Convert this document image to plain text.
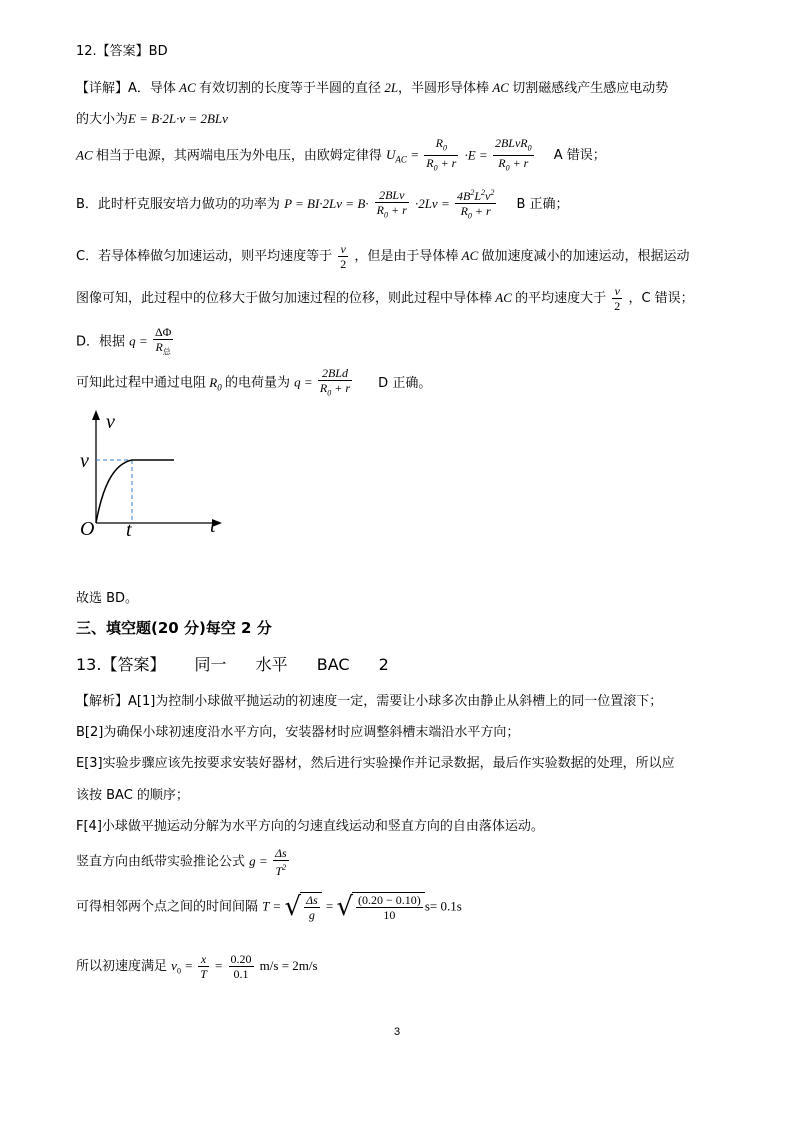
12.【答案】BD
【详解】A．导体 AC 有效切割的长度等于半圆的直径 2L，半圆形导体棒 AC 切割磁感线产生感应电动势
的大小为E = B·2L·v = 2BLv
AC 相当于电源，其两端电压为外电压，由欧姆定律得 $U_{AC} = \frac{R_0}{R_0 + r} \cdot E = \frac{2BLvR_0}{R_0 + r}$ A 错误；
B．此时杆克服安培力做功的功率为 $P = BI\cdot 2Lv = B\cdot \frac{\text{2BLv}}{R_0 + r} \cdot 2Lv = \frac{4B^2L^2v^2}{R_0 + r}$ B 正确；
C．若导体棒做匀加速运动，则平均速度等于 $\frac{v}{2}$ ，但是由于导体棒 AC 做加速度减小的加速运动，根据运动
图像可知，此过程中的位移大于做匀加速过程的位移，则此过程中导体棒 AC 的平均速度大于 $\frac{v}{2}$ ，C 错误；
D．根据 $q = \frac{\Delta\Phi}{R_总}$
可知此过程中通过电阻 $R_0$ 的电荷量为 $q = \frac{\text{2BLd}}{R_0 + r}$ D 正确。
v
v
O t	t
故选 BD。
三、填空题(20 分)每空 2 分
13.【答案】 同一 水平 BAC 2
【解析】A[1]为控制小球做平抛运动的初速度一定，需要让小球多次由静止从斜槽上的同一位置滚下；
B[2]为确保小球初速度沿水平方向，安装器材时应调整斜槽末端沿水平方向；
E[3]实验步骤应该先按要求安装好器材，然后进行实验操作并记录数据，最后作实验数据的处理，所以应
该按 BAC 的顺序；
F[4]小球做平抛运动分解为水平方向的匀速直线运动和竖直方向的自由落体运动。
竖直方向由纸带实验推论公式 $g = \frac{\Delta s}{T^2}$
可得相邻两个点之间的时间间隔 T = √ $\frac{\Delta s}{g}$ = √ $\frac{(0.20 - 0.10)}{10} s= 0.1s$
所以初速度满足 $v_0 = \frac{x}{T} = \frac{0.20}{0.1} m/s = 2m/s$
3
